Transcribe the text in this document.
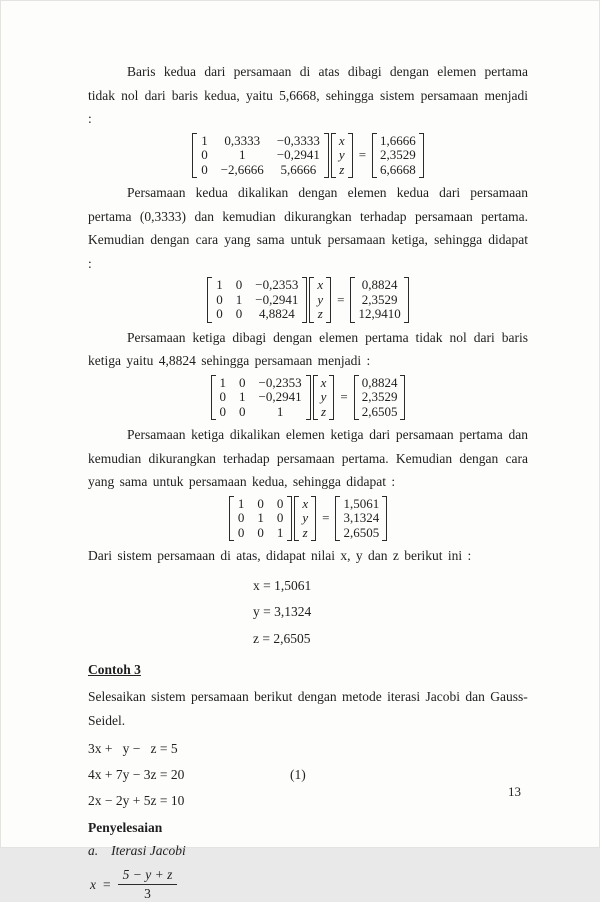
Baris kedua dari persamaan di atas dibagi dengan elemen pertama tidak nol dari baris kedua, yaitu 5,6668, sehingga sistem persamaan menjadi :

1 0,3333 −0,3333
0 1 −0,2941
0 −2,6666 5,6666
x
y
z
=
1,6666
2,3529
6,6668

Persamaan kedua dikalikan dengan elemen kedua dari persamaan pertama (0,3333) dan kemudian dikurangkan terhadap persamaan pertama. Kemudian dengan cara yang sama untuk persamaan ketiga, sehingga didapat :

1 0 −0,2353
0 1 −0,2941
0 0 4,8824
x
y
z
=
0,8824
2,3529
12,9410

Persamaan ketiga dibagi dengan elemen pertama tidak nol dari baris ketiga yaitu 4,8824 sehingga persamaan menjadi :

1 0 −0,2353
0 1 −0,2941
0 0 1
x
y
z
=
0,8824
2,3529
2,6505

Persamaan ketiga dikalikan elemen ketiga dari persamaan pertama dan kemudian dikurangkan terhadap persamaan pertama. Kemudian dengan cara yang sama untuk persamaan kedua, sehingga didapat :

1 0 0
0 1 0
0 0 1
x
y
z
=
1,5061
3,1324
2,6505

Dari sistem persamaan di atas, didapat nilai x, y dan z berikut ini :

x = 1,5061
y = 3,1324
z = 2,6505

Contoh 3

Selesaikan sistem persamaan berikut dengan metode iterasi Jacobi dan Gauss-Seidel.

3x +   y −   z = 5
4x + 7y − 3z = 20	(1)
2x − 2y + 5z = 10

Penyelesaian

a. Iterasi Jacobi
$x = \frac{5 - y + z}{3}$
13
